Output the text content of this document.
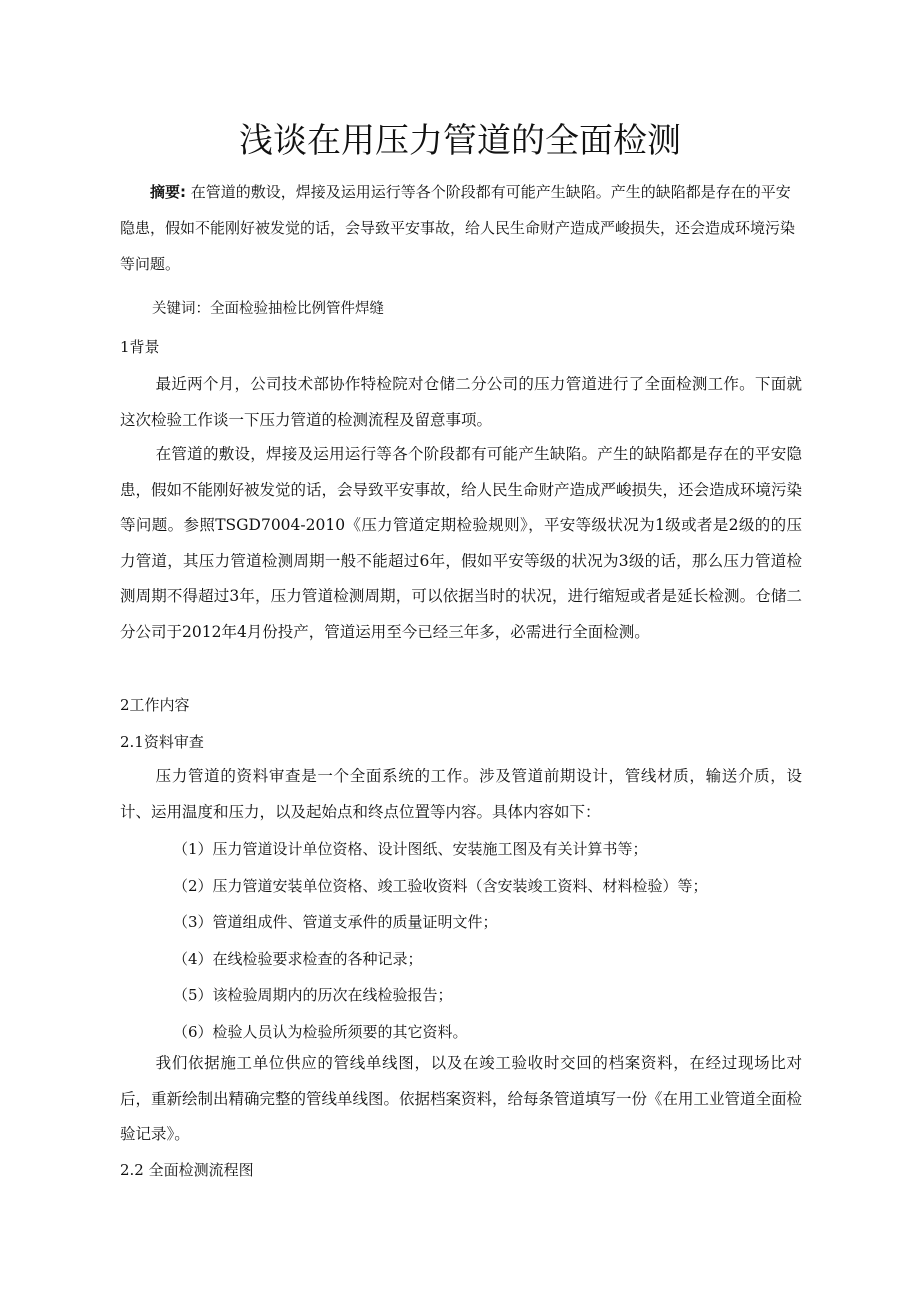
浅谈在用压力管道的全面检测

摘要: 在管道的敷设，焊接及运用运行等各个阶段都有可能产生缺陷。产生的缺陷都是存在的平安隐患，假如不能刚好被发觉的话，会导致平安事故，给人民生命财产造成严峻损失，还会造成环境污染等问题。

关键词：全面检验抽检比例管件焊缝

1背景

最近两个月，公司技术部协作特检院对仓储二分公司的压力管道进行了全面检测工作。下面就这次检验工作谈一下压力管道的检测流程及留意事项。

在管道的敷设，焊接及运用运行等各个阶段都有可能产生缺陷。产生的缺陷都是存在的平安隐患，假如不能刚好被发觉的话，会导致平安事故，给人民生命财产造成严峻损失，还会造成环境污染等问题。参照TSGD7004-2010《压力管道定期检验规则》，平安等级状况为1级或者是2级的的压力管道，其压力管道检测周期一般不能超过6年，假如平安等级的状况为3级的话，那么压力管道检测周期不得超过3年，压力管道检测周期，可以依据当时的状况，进行缩短或者是延长检测。仓储二分公司于2012年4月份投产，管道运用至今已经三年多，必需进行全面检测。

2工作内容

2.1资料审查

压力管道的资料审查是一个全面系统的工作。涉及管道前期设计，管线材质，输送介质，设计、运用温度和压力，以及起始点和终点位置等内容。具体内容如下：

（1）压力管道设计单位资格、设计图纸、安装施工图及有关计算书等；
（2）压力管道安装单位资格、竣工验收资料（含安装竣工资料、材料检验）等；
（3）管道组成件、管道支承件的质量证明文件；
（4）在线检验要求检查的各种记录；
（5）该检验周期内的历次在线检验报告；
（6）检验人员认为检验所须要的其它资料。

我们依据施工单位供应的管线单线图，以及在竣工验收时交回的档案资料，在经过现场比对后，重新绘制出精确完整的管线单线图。依据档案资料，给每条管道填写一份《在用工业管道全面检验记录》。

2.2 全面检测流程图
